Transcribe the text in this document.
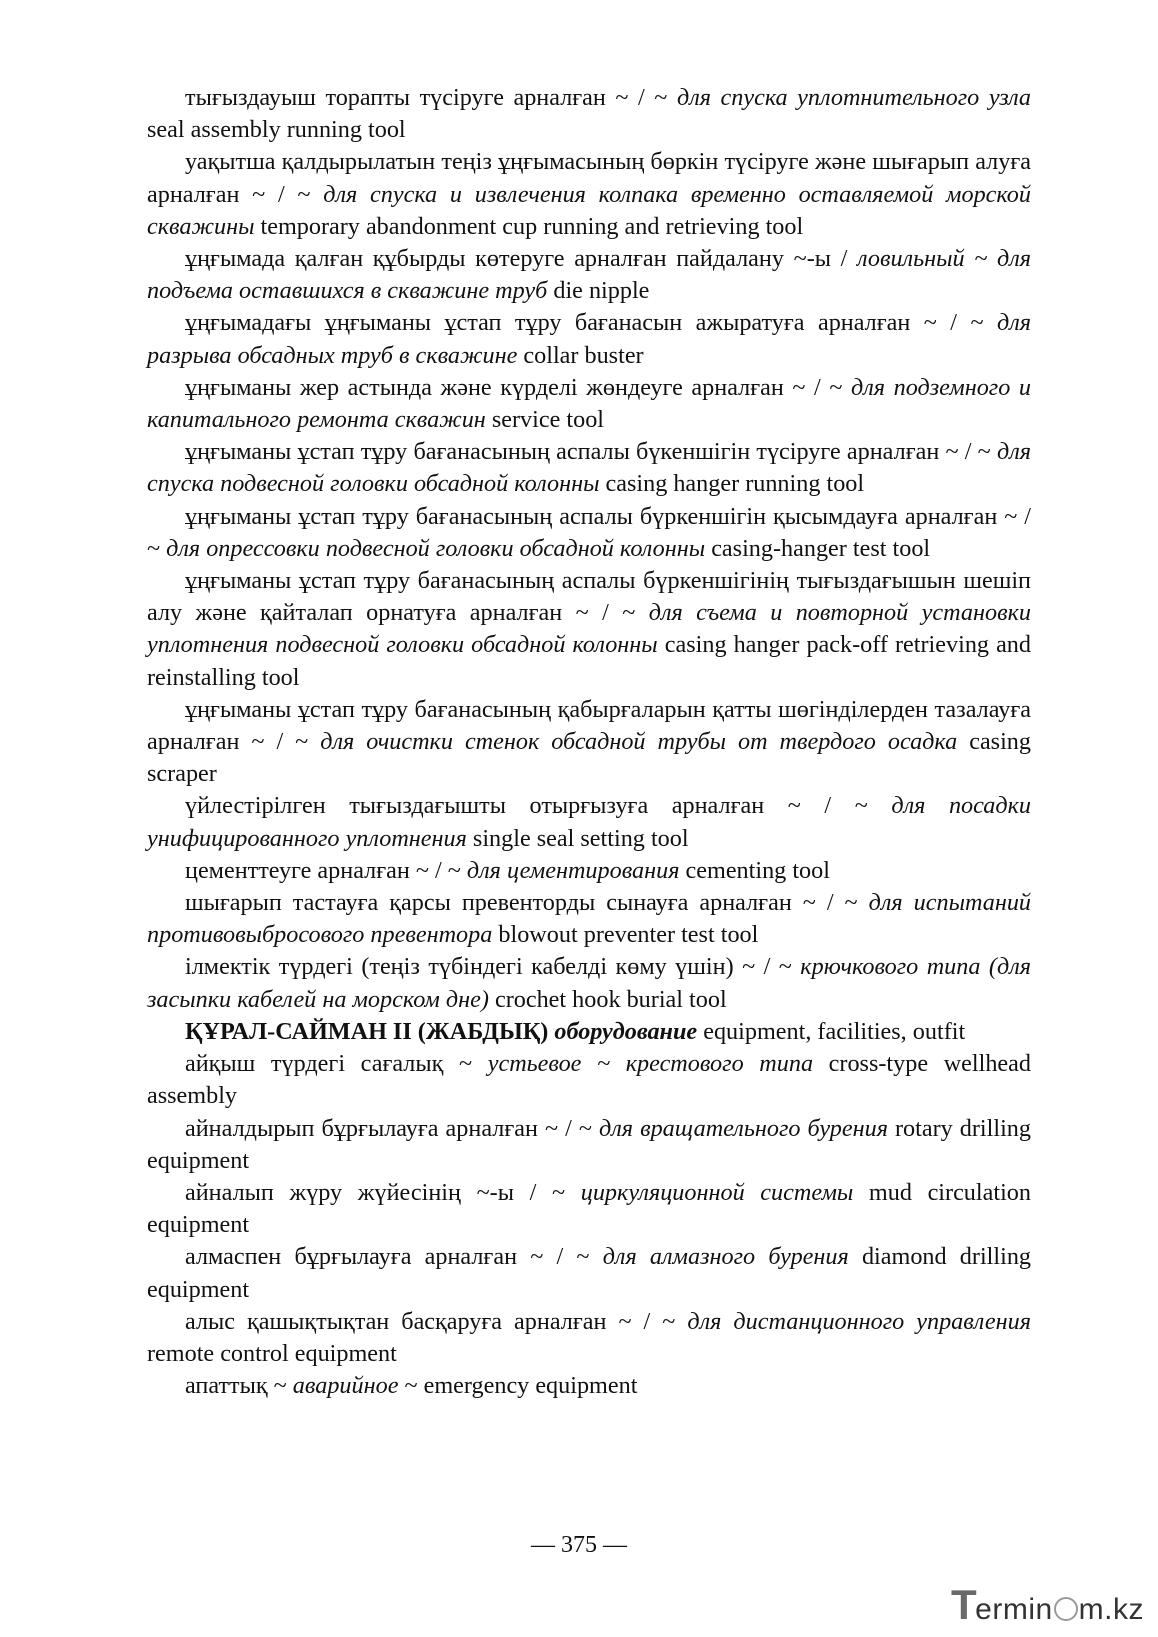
тығыздауыш торапты түсіруге арналған ~ / ~ для спуска уплотнительного узла seal assembly running tool

уақытша қалдырылатын теңіз ұңғымасының бөркін түсіруге және шығарып алуға арналған ~ / ~ для спуска и извлечения колпака временно оставляемой морской скважины temporary abandonment cup running and retrieving tool

ұңғымада қалған құбырды көтеруге арналған пайдалану ~-ы / ловильный ~ для подъема оставшихся в скважине труб die nipple

ұңғымадағы ұңғыманы ұстап тұру бағанасын ажыратуға арналған ~ / ~ для разрыва обсадных труб в скважине collar buster

ұңғыманы жер астында және күрделі жөндеуге арналған ~ / ~ для подземного и капитального ремонта скважин service tool

ұңғыманы ұстап тұру бағанасының аспалы бүкеншігін түсіруге арналған ~ / ~ для спуска подвесной головки обсадной колонны casing hanger running tool

ұңғыманы ұстап тұру бағанасының аспалы бүркеншігін қысымдауға арналған ~ / ~ для опрессовки подвесной головки обсадной колонны casing-hanger test tool

ұңғыманы ұстап тұру бағанасының аспалы бүркеншігінің тығыздағышын шешіп алу және қайталап орнатуға арналған ~ / ~ для съема и повторной установки уплотнения подвесной головки обсадной колонны casing hanger pack-off retrieving and reinstalling tool

ұңғыманы ұстап тұру бағанасының қабырғаларын қатты шөгінділерден тазалауға арналған ~ / ~ для очистки стенок обсадной трубы от твердого осадка casing scraper

үйлестірілген тығыздағышты отырғызуға арналған ~ / ~ для посадки унифицированного уплотнения single seal setting tool

цементтеуге арналған ~ / ~ для цементирования cementing tool

шығарып тастауға қарсы превенторды сынауға арналған ~ / ~ для испытаний противовыбросового превентора blowout preventer test tool

ілмектік түрдегі (теңіз түбіндегі кабелді көму үшін) ~ / ~ крючкового типа (для засыпки кабелей на морском дне) crochet hook burial tool

ҚҰРАЛ-САЙМАН ІІ (ЖАБДЫҚ) оборудование equipment, facilities, outfit

айқыш түрдегі сағалық ~ устьевое ~ крестового типа cross-type wellhead assembly

айналдырып бұрғылауға арналған ~ / ~ для вращательного бурения rotary drilling equipment

айналып жүру жүйесінің ~-ы / ~ циркуляционной системы mud circulation equipment

алмаспен бұрғылауға арналған ~ / ~ для алмазного бурения diamond drilling equipment

алыс қашықтықтан басқаруға арналған ~ / ~ для дистанционного управления remote control equipment

апаттық ~ аварийное ~ emergency equipment

— 375 —
T
ermin m.kz
